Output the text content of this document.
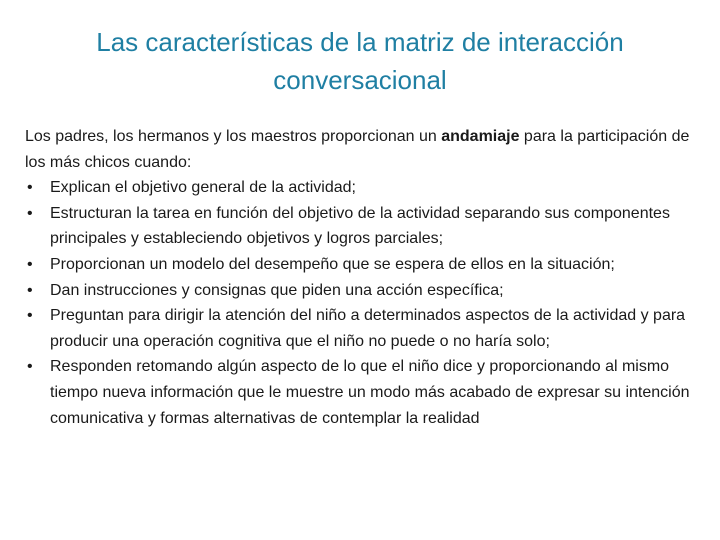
Las características de la matriz de interacción conversacional

Los padres, los hermanos y los maestros proporcionan un andamiaje para la participación de los más chicos cuando:

• Explican el objetivo general de la actividad;
• Estructuran la tarea en función del objetivo de la actividad separando sus componentes principales y estableciendo objetivos y logros parciales;
• Proporcionan un modelo del desempeño que se espera de ellos en la situación;
• Dan instrucciones y consignas que piden una acción específica;
• Preguntan para dirigir la atención del niño a determinados aspectos de la actividad y para producir una operación cognitiva que el niño no puede o no haría solo;
• Responden retomando algún aspecto de lo que el niño dice y proporcionando al mismo tiempo nueva información que le muestre un modo más acabado de expresar su intención comunicativa y formas alternativas de contemplar la realidad
